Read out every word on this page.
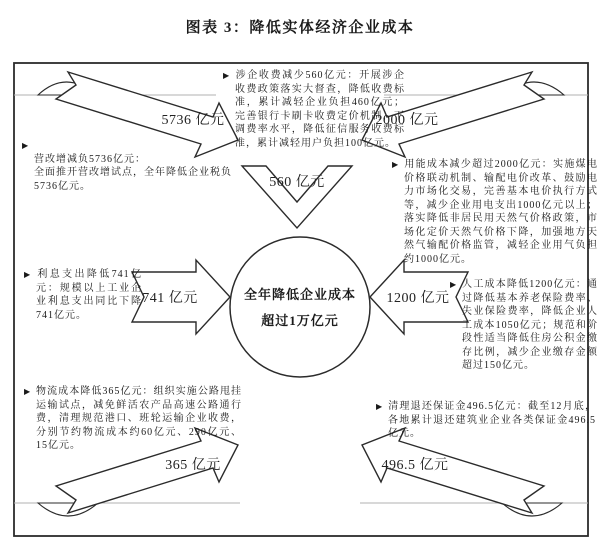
图表 3：降低实体经济企业成本
5736 亿元
560 亿元
2000 亿元
741 亿元	1200 亿元
365 亿元	496.5 亿元
全年降低企业成本
超过1万亿元
▶
营改增减负5736亿元：
全面推开营改增试点，全年降低企业税负5736亿元。
▶ 涉企收费减少560亿元：开展涉企收费政策落实大督查，降低收费标准，累计减轻企业负担460亿元；完善银行卡刷卡收费定价机制，下调费率水平，降低征信服务收费标准，累计减轻用户负担100亿元。
▶ 用能成本减少超过2000亿元：实施煤电价格联动机制、输配电价改革、鼓励电力市场化交易，完善基本电价执行方式等，减少企业用电支出1000亿元以上；落实降低非居民用天然气价格政策，市场化定价天然气价格下降，加强地方天然气输配价格监管，减轻企业用气负担约1000亿元。
▶ 利息支出降低741亿元：规模以上工业企业利息支出同比下降741亿元。
▶ 人工成本降低1200亿元：通过降低基本养老保险费率、失业保险费率，降低企业人工成本1050亿元；规范和阶段性适当降低住房公积金缴存比例，减少企业缴存金额超过150亿元。
▶ 物流成本降低365亿元：组织实施公路甩挂运输试点，减免鲜活农产品高速公路通行费，清理规范港口、班轮运输企业收费，分别节约物流成本约60亿元、290亿元、15亿元。
▶ 清理退还保证金496.5亿元：截至12月底，各地累计退还建筑业企业各类保证金496.5亿元。
